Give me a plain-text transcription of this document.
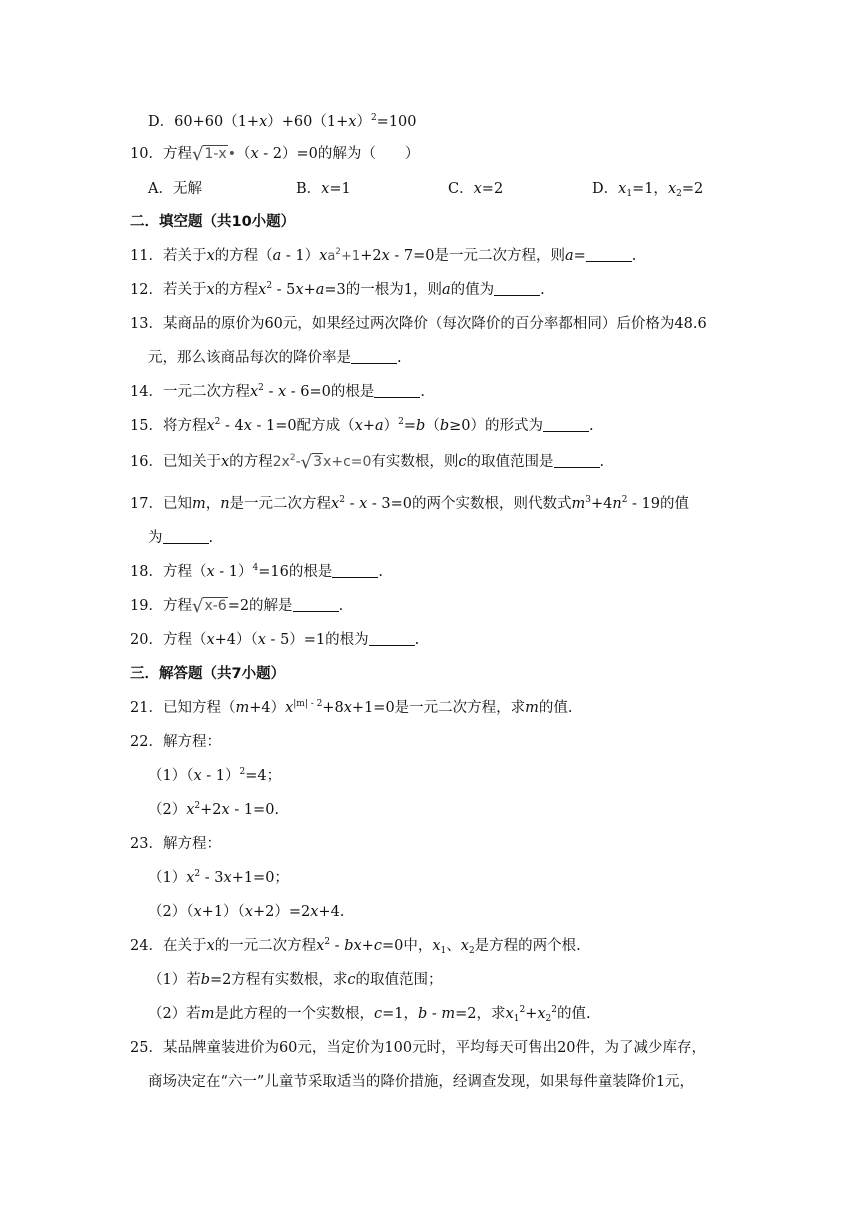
D．$60+60(1+x)+60(1+x)^2=100$
10．方程√1-x•（x - 2）=0的解为（　　）
A．无解	B．x=1	C．x=2	D．$x_1=1$，$x_2=2$
二．填空题（共10小题）
11．若关于x的方程$(a - 1)xa^2+1+2x - 7=0$是一元二次方程，则a=	.
12．若关于x的方程$x^2 - 5x+a=3$的一根为1，则a的值为	.
13．某商品的原价为60元，如果经过两次降价（每次降价的百分率都相同）后价格为48.6
元，那么该商品每次的降价率是	.
14．一元二次方程$x^2 - x - 6=0$的根是	.
15．将方程$x^2 - 4x - 1=0$配方成$(x+a)^2=b(b\ge 0)$的形式为	.
16．已知关于x的方程$2x^2-√3x+c=0$有实数根，则c的取值范围是	.
17．已知m，n是一元二次方程$x^2 - x - 3=0$的两个实数根，则代数式$m^3+4n^2 - 19$的值
为	.
18．方程（x - 1）$^4$=16的根是	.
19．方程√x-6=2的解是	.
20．方程（x+4）（x - 5）=1的根为	.
三．解答题（共7小题）
21．已知方程$(m+4)x^{|m| - 2}+8x+1=0$是一元二次方程，求m的值.
22．解方程：
（1）（x - 1）$^2$=4；
$(2)x^2+2x - 1=0$.
23．解方程：
$(1)x^2 - 3x+1=0$；
（2）（x+1）（x+2）=2x+4.
24．在关于x的一元二次方程$x^2 - bx+c=0$中，$x_1$、$x_2$是方程的两个根.
（1）若b=2方程有实数根，求c的取值范围；
（2）若m是此方程的一个实数根，c=1，b - m=2，求$x_1^2+x_2^2$的值.
25．某品牌童装进价为60元，当定价为100元时，平均每天可售出20件，为了减少库存，
商场决定在“六一”儿童节采取适当的降价措施，经调查发现，如果每件童装降价1元，
